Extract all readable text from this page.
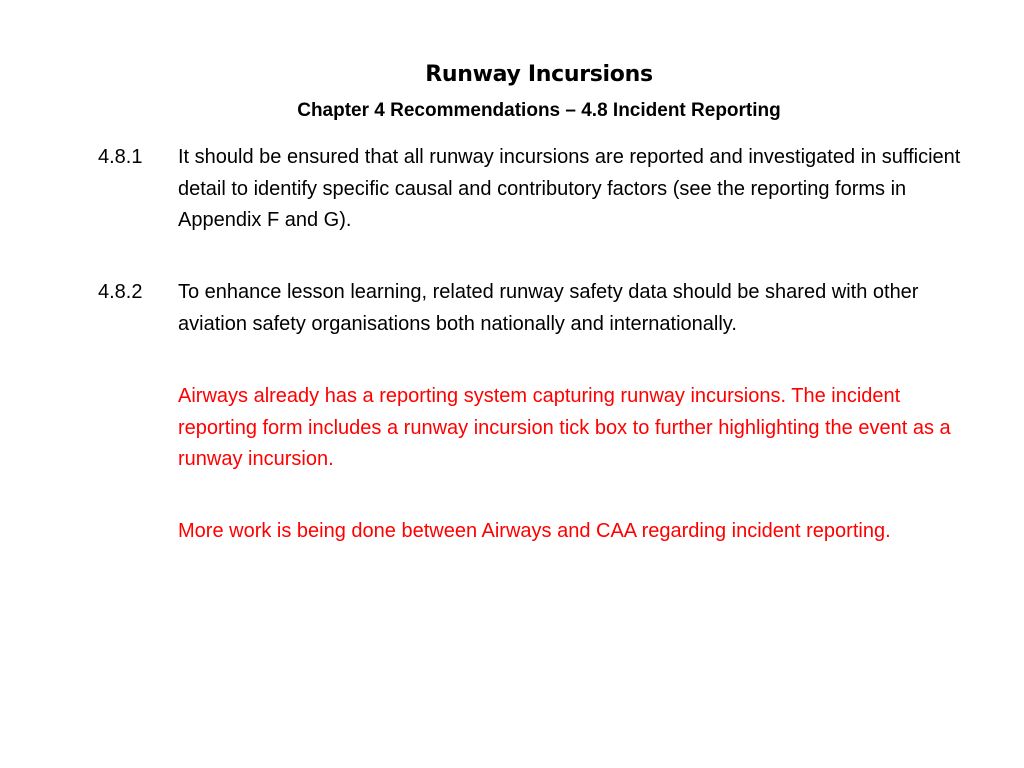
Runway Incursions
Chapter 4 Recommendations – 4.8 Incident Reporting
4.8.1	It should be ensured that all runway incursions are reported and investigated in sufficient detail to identify specific causal and contributory factors (see the reporting forms in Appendix F and G).
4.8.2	To enhance lesson learning, related runway safety data should be shared with other aviation safety organisations both nationally and internationally.
Airways already has a reporting system capturing runway incursions. The incident reporting form includes a runway incursion tick box to further highlighting the event as a runway incursion.
More work is being done between Airways and CAA regarding incident reporting.
